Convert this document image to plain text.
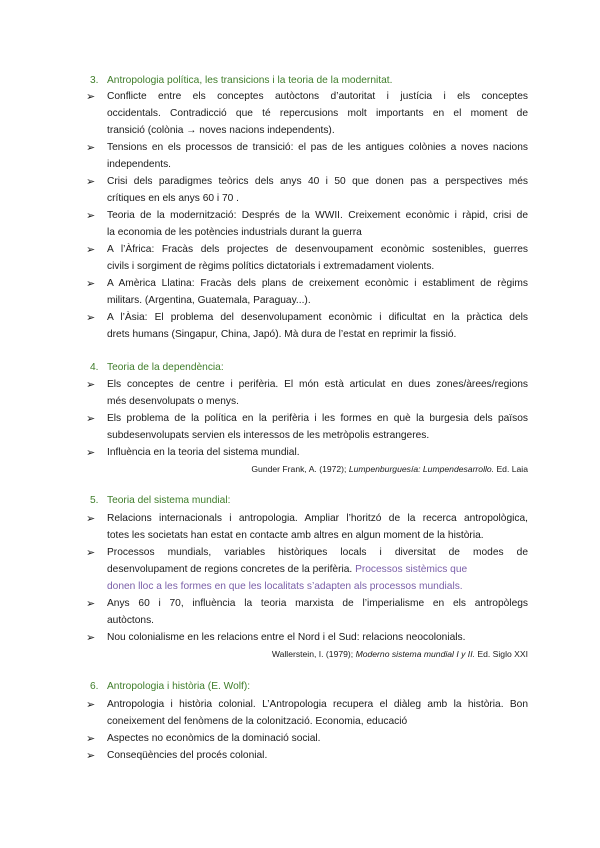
3. Antropologia política, les transicions i la teoria de la modernitat.
➢ Conflicte entre els conceptes autòctons d’autoritat i justícia i els conceptes
occidentals. Contradicció que té repercusions molt importants en el moment de
transició (colònia → noves nacions independents).
➢ Tensions en els processos de transició: el pas de les antigues colònies a noves nacions
independents.
➢ Crisi dels paradigmes teòrics dels anys 40 i 50 que donen pas a perspectives més
crítiques en els anys 60 i 70 .
➢ Teoria de la modernització: Després de la WWII. Creixement econòmic i ràpid, crisi de
la economia de les potències industrials durant la guerra
➢ A l’Àfrica: Fracàs dels projectes de desenvoupament econòmic sostenibles, guerres
civils i sorgiment de règims polítics dictatorials i extremadament violents.
➢ A Amèrica Llatina: Fracàs dels plans de creixement econòmic i establiment de règims
militars. (Argentina, Guatemala, Paraguay...).
➢ A l’Àsia: El problema del desenvolupament econòmic i dificultat en la pràctica dels
drets humans (Singapur, China, Japó). Mà dura de l’estat en reprimir la fissió.
4. Teoria de la dependència:
➢ Els conceptes de centre i perifèria. El món està articulat en dues zones/àrees/regions
més desenvolupats o menys.
➢ Els problema de la política en la perifèria i les formes en què la burgesia dels països
subdesenvolupats servien els interessos de les metròpolis estrangeres.
➢ Influència en la teoria del sistema mundial.
Gunder Frank, A. (1972); Lumpenburguesía: Lumpendesarrollo. Ed. Laia
5. Teoria del sistema mundial:
➢ Relacions internacionals i antropologia. Ampliar l’horitzó de la recerca antropològica,
totes les societats han estat en contacte amb altres en algun moment de la història.
➢ Processos mundials, variables històriques locals i diversitat de modes de
desenvolupament de regions concretes de la perifèria. Processos sistèmics que
donen lloc a les formes en que les localitats s’adapten als processos mundials.
➢ Anys 60 i 70, influència la teoria marxista de l’imperialisme en els antropòlegs
autòctons.
➢ Nou colonialisme en les relacions entre el Nord i el Sud: relacions neocolonials.
Wallerstein, I. (1979); Moderno sistema mundial I y II. Ed. Siglo XXI
6. Antropologia i història (E. Wolf):
➢ Antropologia i història colonial. L’Antropologia recupera el diàleg amb la història. Bon
coneixement del fenòmens de la colonització. Economia, educació
➢ Aspectes no econòmics de la dominació social.
➢ Conseqüències del procés colonial.
